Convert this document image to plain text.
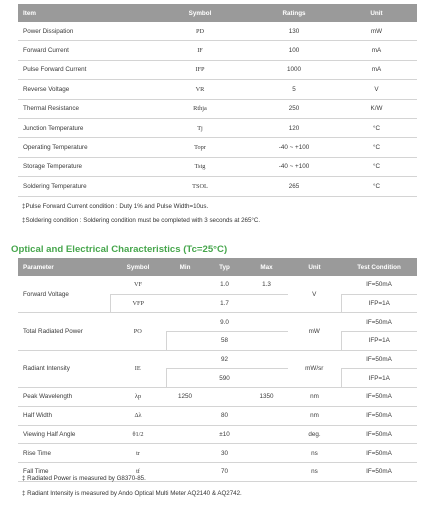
Item	Symbol	Ratings	Unit
Power Dissipation	PD	130	mW
Forward Current	IF	100	mA
Pulse Forward Current	IFP	1000	mA
Reverse Voltage	VR	5	V
Thermal Resistance	Rthja	250	K/W
Junction Temperature	Tj	120	°C
Operating Temperature	Topr	-40 ~ +100	°C
Storage Temperature	Tstg	-40 ~ +100	°C
Soldering Temperature	TSOL	265	°C
‡Pulse Forward Current condition : Duty 1% and Pulse Width=10us.
‡Soldering condition : Soldering condition must be completed with 3 seconds at 265°C.
Optical and Electrical Characteristics (Tc=25°C)
Parameter	Symbol	Min	Typ	Max	Unit	Test Condition
Forward Voltage	VF		1.0	1.3	V	IF=50mA
	VFP		1.7			IFP=1A
Total Radiated Power	PO		9.0		mW	IF=50mA
			58			IFP=1A
Radiant Intensity	IE		92		mW/sr	IF=50mA
			590			IFP=1A
Peak Wavelength	λp	1250		1350	nm	IF=50mA
Half Width	Δλ		80		nm	IF=50mA
Viewing Half Angle	θ1/2		±10		deg.	IF=50mA
Rise Time	tr		30		ns	IF=50mA
Fall Time	tf		70		ns	IF=50mA
‡ Radiated Power is measured by G8370-85.
‡ Radiant Intensity is measured by Ando Optical Multi Meter AQ2140 & AQ2742.
